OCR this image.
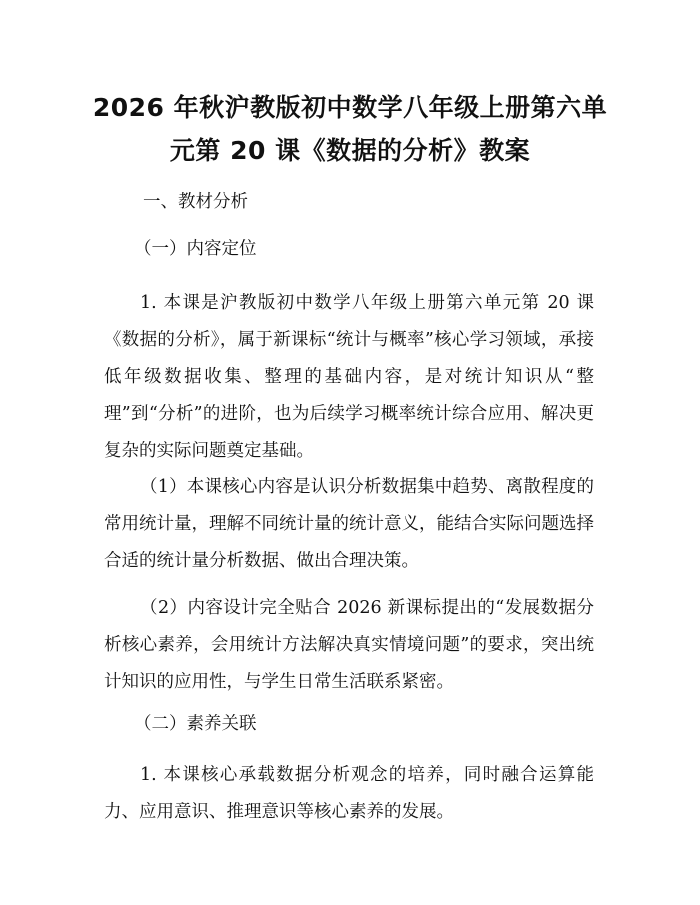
2026 年秋沪教版初中数学八年级上册第六单
元第 20 课《数据的分析》教案
一、教材分析
（一）内容定位
1. 本课是沪教版初中数学八年级上册第六单元第 20 课《数据的分析》，属于新课标“统计与概率”核心学习领域，承接低年级数据收集、整理的基础内容，是对统计知识从“整理”到“分析”的进阶，也为后续学习概率统计综合应用、解决更复杂的实际问题奠定基础。
（1）本课核心内容是认识分析数据集中趋势、离散程度的常用统计量，理解不同统计量的统计意义，能结合实际问题选择合适的统计量分析数据、做出合理决策。
（2）内容设计完全贴合 2026 新课标提出的“发展数据分析核心素养，会用统计方法解决真实情境问题”的要求，突出统计知识的应用性，与学生日常生活联系紧密。
（二）素养关联
1. 本课核心承载数据分析观念的培养，同时融合运算能力、应用意识、推理意识等核心素养的发展。
